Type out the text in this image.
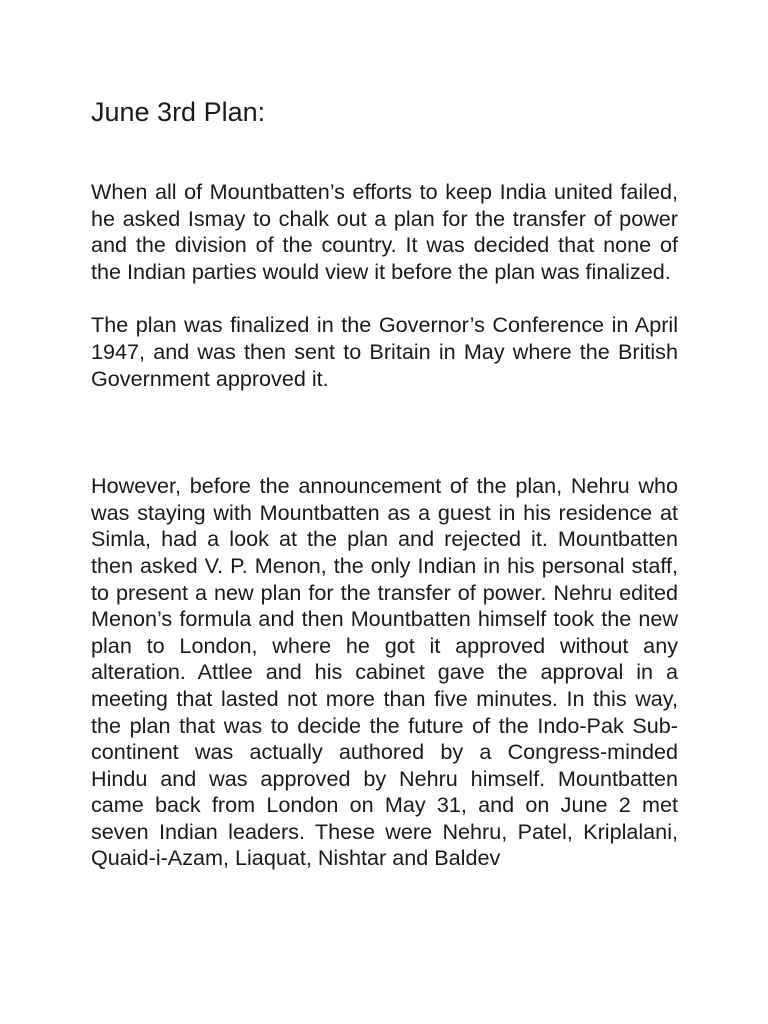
June 3rd Plan:

When all of Mountbatten’s efforts to keep India united failed, he asked Ismay to chalk out a plan for the transfer of power and the division of the country. It was decided that none of the Indian parties would view it before the plan was finalized.

The plan was finalized in the Governor’s Conference in April 1947, and was then sent to Britain in May where the British Government approved it.

However, before the announcement of the plan, Nehru who was staying with Mountbatten as a guest in his residence at Simla, had a look at the plan and rejected it. Mountbatten then asked V. P. Menon, the only Indian in his personal staff, to present a new plan for the transfer of power. Nehru edited Menon’s formula and then Mountbatten himself took the new plan to London, where he got it approved without any alteration. Attlee and his cabinet gave the approval in a meeting that lasted not more than five minutes. In this way, the plan that was to decide the future of the Indo-Pak Sub-continent was actually authored by a Congress-minded Hindu and was approved by Nehru himself. Mountbatten came back from London on May 31, and on June 2 met seven Indian leaders. These were Nehru, Patel, Kriplalani, Quaid-i-Azam, Liaquat, Nishtar and Baldev
